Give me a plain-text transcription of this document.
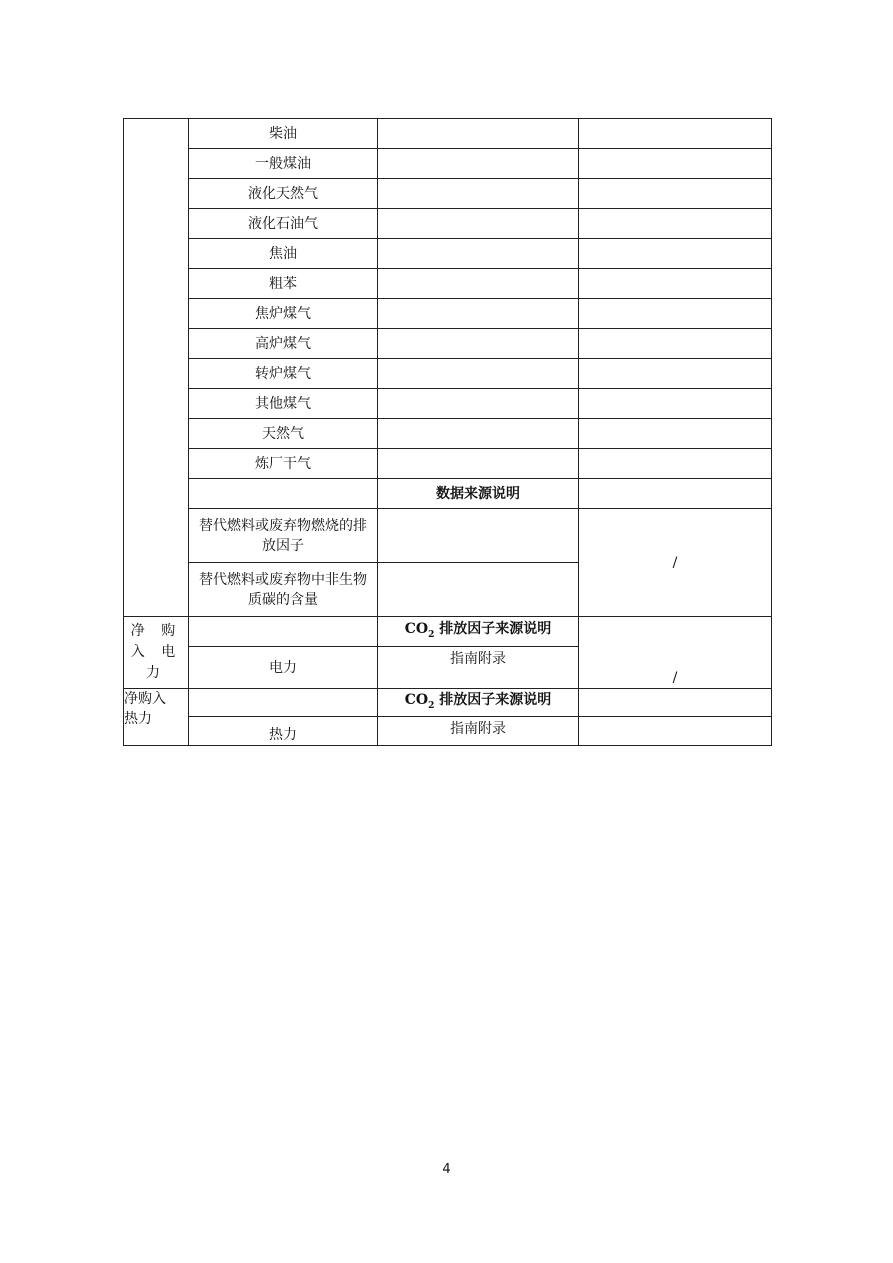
	柴油		
	一般煤油		
	液化天然气		
	液化石油气		
	焦油		
	粗苯		
	焦炉煤气		
	高炉煤气		
	转炉煤气		
	其他煤气		
	天然气		
	炼厂干气		
		数据来源说明	
	替代燃料或废弃物燃烧的排放因子		/
	替代燃料或废弃物中非生物质碳的含量		

净 购
入 电
力		$CO_2$ 排放因子来源说明	/
	电力	指南附录	

净购入
热力		$CO_2$ 排放因子来源说明	
	热力	指南附录	
4
